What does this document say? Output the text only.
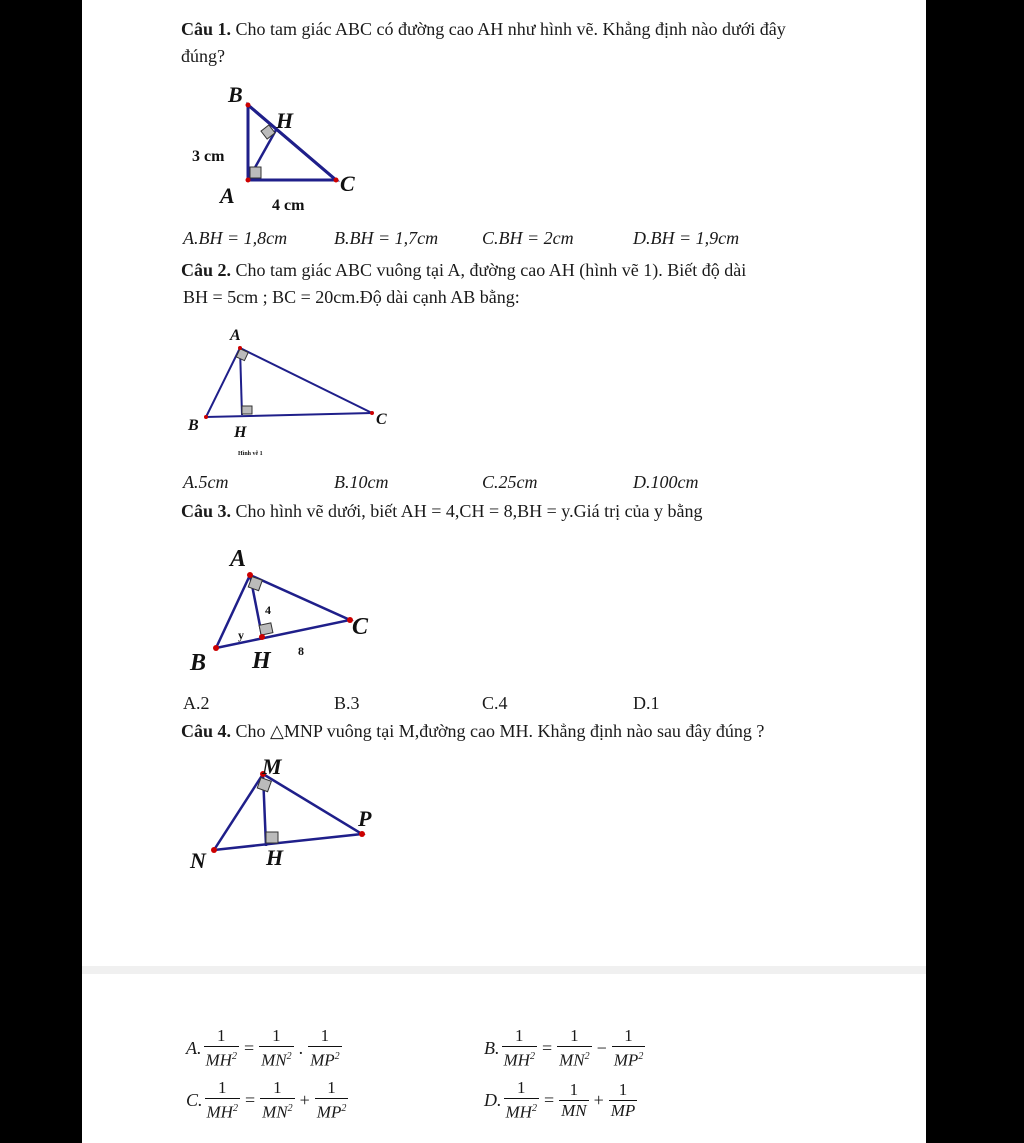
Câu 1. Cho tam giác ABC có đường cao AH như hình vẽ. Khẳng định nào dưới đây
đúng?
B
H
A	C
3 cm
4 cm
A.BH = 1,8cm	B.BH = 1,7cm C.BH = 2cm	D.BH = 1,9cm
Câu 2. Cho tam giác ABC vuông tại A, đường cao AH (hình vẽ 1). Biết độ dài
BH = 5cm ; BC = 20cm.Độ dài cạnh AB bằng:
A
B H
C
Hình vẽ 1
A.5cm	B.10cm	C.25cm	D.100cm
Câu 3. Cho hình vẽ dưới, biết AH = 4,CH = 8,BH = y.Giá trị của y bằng
A
B H
C
4
y
8
A.2	B.3	C.4	D.1
Câu 4. Cho △MNP vuông tại M,đường cao MH. Khẳng định nào sau đây đúng ?
M
N
P
H
A. $\frac{1}{MH^2} = \frac{1}{MN^2}$ . $\frac{1}{MP^2}$	B. $\frac{1}{MH^2} = \frac{1}{MN^2} - \frac{1}{MP^2}$
C. $\frac{1}{MH^2} = \frac{1}{MN^2} + \frac{1}{MP^2}$	D. $\frac{1}{MH^2} = \frac{1}{MN} + \frac{1}{MP}$
